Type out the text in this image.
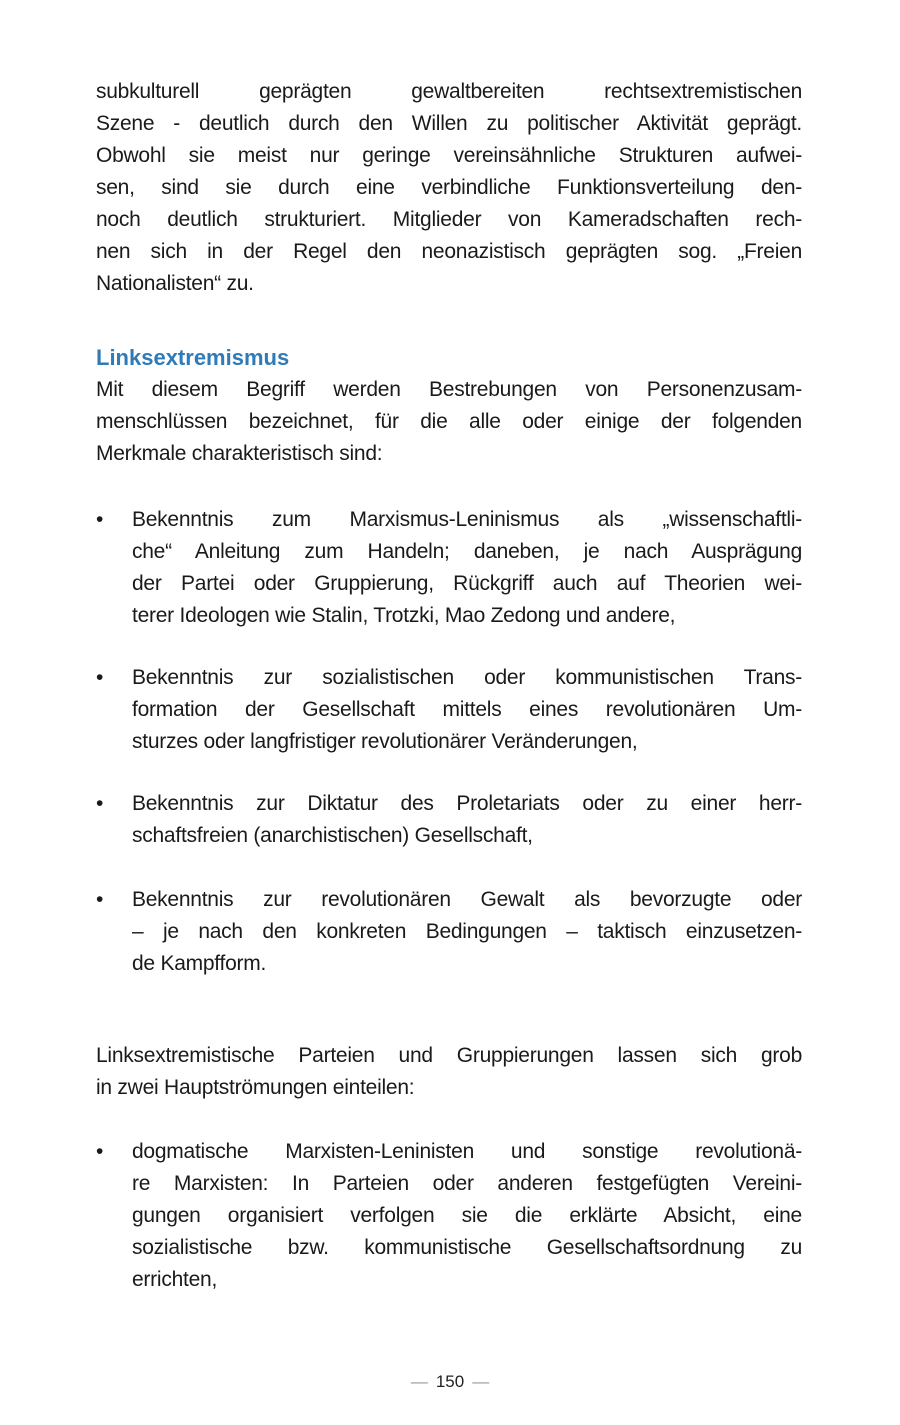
subkulturell geprägten gewaltbereiten rechtsextremistischen
Szene - deutlich durch den Willen zu politischer Aktivität geprägt.
Obwohl sie meist nur geringe vereinsähnliche Strukturen aufwei-
sen, sind sie durch eine verbindliche Funktionsverteilung den-
noch deutlich strukturiert. Mitglieder von Kameradschaften rech-
nen sich in der Regel den neonazistisch geprägten sog. „Freien
Nationalisten“ zu.
Linksextremismus
Mit diesem Begriff werden Bestrebungen von Personenzusam-
menschlüssen bezeichnet, für die alle oder einige der folgenden
Merkmale charakteristisch sind:
• Bekenntnis zum Marxismus-Leninismus als „wissenschaftli-
che“ Anleitung zum Handeln; daneben, je nach Ausprägung
der Partei oder Gruppierung, Rückgriff auch auf Theorien wei-
terer Ideologen wie Stalin, Trotzki, Mao Zedong und andere,
• Bekenntnis zur sozialistischen oder kommunistischen Trans-
formation der Gesellschaft mittels eines revolutionären Um-
sturzes oder langfristiger revolutionärer Veränderungen,
• Bekenntnis zur Diktatur des Proletariats oder zu einer herr-
schaftsfreien (anarchistischen) Gesellschaft,
• Bekenntnis zur revolutionären Gewalt als bevorzugte oder
– je nach den konkreten Bedingungen – taktisch einzusetzen-
de Kampfform.
Linksextremistische Parteien und Gruppierungen lassen sich grob
in zwei Hauptströmungen einteilen:
• dogmatische Marxisten-Leninisten und sonstige revolutionä-
re Marxisten: In Parteien oder anderen festgefügten Vereini-
gungen organisiert verfolgen sie die erklärte Absicht, eine
sozialistische bzw. kommunistische Gesellschaftsordnung zu
errichten,
— 150 —
